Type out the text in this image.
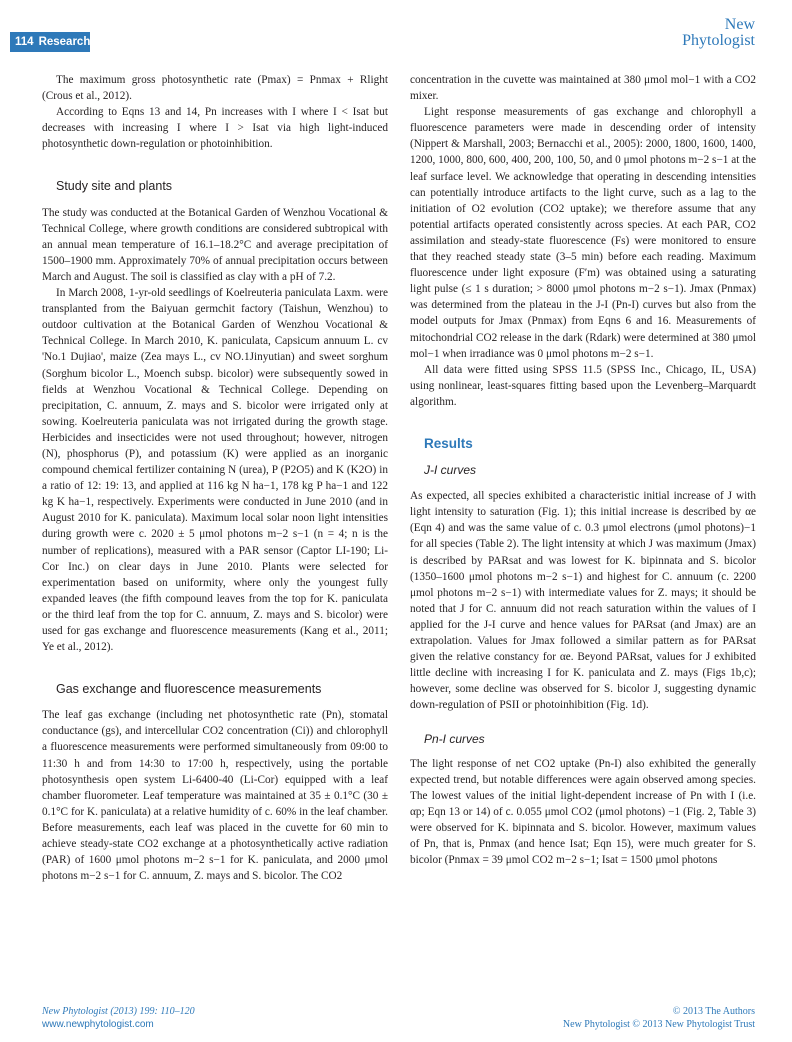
114 Research
New
Phytologist

The maximum gross photosynthetic rate (Pmax) = Pnmax + Rlight (Crous et al., 2012).

According to Eqns 13 and 14, Pn increases with I where I < Isat but decreases with increasing I where I > Isat via high light-induced photosynthetic down-regulation or photoinhibition.

Study site and plants

The study was conducted at the Botanical Garden of Wenzhou Vocational & Technical College, where growth conditions are considered subtropical with an annual mean temperature of 16.1–18.2°C and average precipitation of 1500–1900 mm. Approximately 70% of annual precipitation occurs between March and August. The soil is classified as clay with a pH of 7.2.

In March 2008, 1-yr-old seedlings of Koelreuteria paniculata Laxm. were transplanted from the Baiyuan germchit factory (Taishun, Wenzhou) to outdoor cultivation at the Botanical Garden of Wenzhou Vocational & Technical College. In March 2010, K. paniculata, Capsicum annuum L. cv 'No.1 Dujiao', maize (Zea mays L., cv NO.1Jinyutian) and sweet sorghum (Sorghum bicolor L., Moench subsp. bicolor) were subsequently sowed in fields at Wenzhou Vocational & Technical College. Depending on precipitation, C. annuum, Z. mays and S. bicolor were irrigated only at sowing. Koelreuteria paniculata was not irrigated during the growth stage. Herbicides and insecticides were not used throughout; however, nitrogen (N), phosphorus (P), and potassium (K) were applied as an inorganic compound chemical fertilizer containing N (urea), P (P2O5) and K (K2O) in a ratio of 12: 19: 13, and applied at 116 kg N ha−1, 178 kg P ha−1 and 122 kg K ha−1, respectively. Experiments were conducted in June 2010 (and in August 2010 for K. paniculata). Maximum local solar noon light intensities during growth were c. 2020 ± 5 μmol photons m−2 s−1 (n = 4; n is the number of replications), measured with a PAR sensor (Captor LI-190; Li-Cor Inc.) on clear days in June 2010. Plants were selected for experimentation based on uniformity, where only the youngest fully expanded leaves (the fifth compound leaves from the top for K. paniculata or the third leaf from the top for C. annuum, Z. mays and S. bicolor) were used for gas exchange and fluorescence measurements (Kang et al., 2011; Ye et al., 2012).

Gas exchange and fluorescence measurements

The leaf gas exchange (including net photosynthetic rate (Pn), stomatal conductance (gs), and intercellular CO2 concentration (Ci)) and chlorophyll a fluorescence measurements were performed simultaneously from 09:00 to 11:30 h and from 14:30 to 17:00 h, respectively, using the portable photosynthesis open system Li-6400-40 (Li-Cor) equipped with a leaf chamber fluorometer. Leaf temperature was maintained at 35 ± 0.1°C (30 ± 0.1°C for K. paniculata) at a relative humidity of c. 60% in the leaf chamber. Before measurements, each leaf was placed in the cuvette for 60 min to achieve steady-state CO2 exchange at a photosynthetically active radiation (PAR) of 1600 μmol photons m−2 s−1 for K. paniculata, and 2000 μmol photons m−2 s−1 for C. annuum, Z. mays and S. bicolor. The CO2

concentration in the cuvette was maintained at 380 μmol mol−1 with a CO2 mixer.

Light response measurements of gas exchange and chlorophyll a fluorescence parameters were made in descending order of intensity (Nippert & Marshall, 2003; Bernacchi et al., 2005): 2000, 1800, 1600, 1400, 1200, 1000, 800, 600, 400, 200, 100, 50, and 0 μmol photons m−2 s−1 at the leaf surface level. We acknowledge that operating in descending intensities can potentially introduce artifacts to the light curve, such as a lag to the initiation of O2 evolution (CO2 uptake); we therefore assume that any potential artifacts operated consistently across species. At each PAR, CO2 assimilation and steady-state fluorescence (Fs) were monitored to ensure that they reached steady state (3–5 min) before each reading. Maximum fluorescence under light exposure (F′m) was obtained using a saturating light pulse (≤ 1 s duration; > 8000 μmol photons m−2 s−1). Jmax (Pnmax) was determined from the plateau in the J-I (Pn-I) curves but also from the model outputs for Jmax (Pnmax) from Eqns 6 and 16. Measurements of mitochondrial CO2 release in the dark (Rdark) were determined at 380 μmol mol−1 when irradiance was 0 μmol photons m−2 s−1.

All data were fitted using SPSS 11.5 (SPSS Inc., Chicago, IL, USA) using nonlinear, least-squares fitting based upon the Levenberg–Marquardt algorithm.

Results

J-I curves

As expected, all species exhibited a characteristic initial increase of J with light intensity to saturation (Fig. 1); this initial increase is described by αe (Eqn 4) and was the same value of c. 0.3 μmol electrons (μmol photons)−1 for all species (Table 2). The light intensity at which J was maximum (Jmax) is described by PARsat and was lowest for K. bipinnata and S. bicolor (1350–1600 μmol photons m−2 s−1) and highest for C. annuum (c. 2200 μmol photons m−2 s−1) with intermediate values for Z. mays; it should be noted that J for C. annuum did not reach saturation within the values of I applied for the J-I curve and hence values for PARsat (and Jmax) are an extrapolation. Values for Jmax followed a similar pattern as for PARsat given the relative constancy for αe. Beyond PARsat, values for J exhibited little decline with increasing I for K. paniculata and Z. mays (Figs 1b,c); however, some decline was observed for S. bicolor J, suggesting dynamic down-regulation of PSII or photoinhibition (Fig. 1d).

Pn-I curves

The light response of net CO2 uptake (Pn-I) also exhibited the generally expected trend, but notable differences were again observed among species. The lowest values of the initial light-dependent increase of Pn with I (i.e. αp; Eqn 13 or 14) of c. 0.055 μmol CO2 (μmol photons) −1 (Fig. 2, Table 3) were observed for K. bipinnata and S. bicolor. However, maximum values of Pn, that is, Pnmax (and hence Isat; Eqn 15), were much greater for S. bicolor (Pnmax = 39 μmol CO2 m−2 s−1; Isat = 1500 μmol photons

New Phytologist (2013) 199: 110–120
www.newphytologist.com
© 2013 The Authors
New Phytologist © 2013 New Phytologist Trust
